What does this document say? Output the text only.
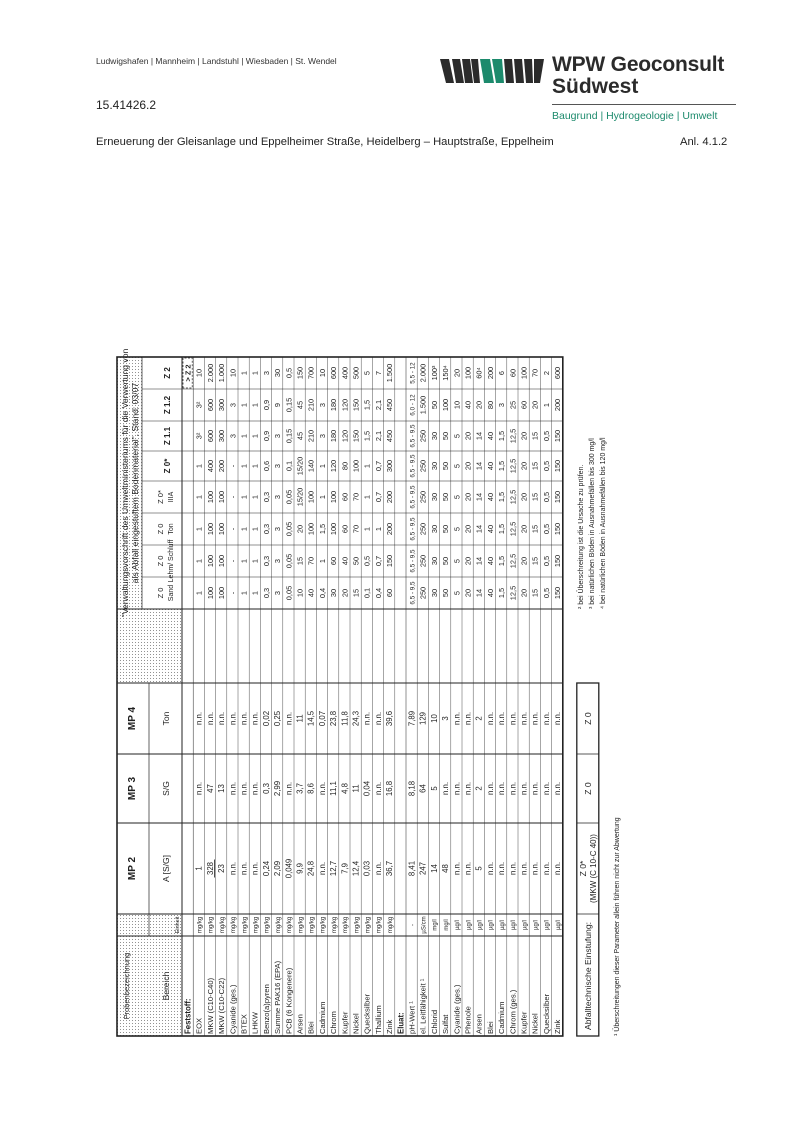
Ludwigshafen | Mannheim | Landstuhl | Wiesbaden | St. Wendel
15.41426.2
WPW Geoconsult
Südwest
Baugrund | Hydrogeologie | Umwelt
Erneuerung der Gleisanlage und Eppelheimer Straße, Heidelberg – Hauptstraße, Eppelheim	Anl. 4.1.2
Probenbezeichnung	Bereich
Einheit
MP 2
MP 3
MP 4
A [S/G]
S/G
Ton
"Verwaltungsvorschrift des Umweltministeriums für die Verwertung von als Abfall eingestuftem Bodenmaterial", Stand: 03/07
Z 0 Sand
Z 0 Lehm/ Schluff
Z 0 Ton
Z 0* IIIA
Z 0*
Z 1.1
Z 1.2
Z 2
Feststoff: EOX
mg/kg
1
n.n.
n.n.
1
1
1
1
1
3²
3²
10
MKW (C10-C40)
mg/kg
328
47
n.n.
100
100
100
100
400
600
600
2.000
MKW (C10-C22)
mg/kg
23
13
n.n.
100
100
100
100
200
300
300
1.000
Cyanide (ges.)
mg/kg
n.n.
n.n.
n.n.
-
-
-
-
-
3
3
10
BTEX
mg/kg
n.n.
n.n.
n.n.
1
1
1
1
1
1
1
1
LHKW
mg/kg
n.n.
n.n.
n.n.
1
1
1
1
1
1
1
1
Benzo(a)pyren
mg/kg
0,24
0,3
0,02
0,3
0,3
0,3
0,3
0,6
0,9
0,9
3
Summe PAK16 (EPA)
mg/kg
2,09
2,99
0,25
3
3
3
3
3
3
9
30
PCB (6 Kongenere)
mg/kg
0,049
n.n.
n.n.
0,05
0,05
0,05
0,05
0,1
0,15
0,15
0,5
Arsen
mg/kg
9,9
3,7
11
10
15
20
15/20
15/20
45
45
150
Blei
mg/kg
24,8
8,6
14,5
40
70
100
100
140
210
210
700
Cadmium
mg/kg
n.n.
n.n.
0,07
0,4
1
1,5
1
1
3
3
10
Chrom
mg/kg
12,7
11,1
23,8
30
60
100
100
120
180
180
600
Kupfer
mg/kg
7,9
4,8
11,8
20
40
60
60
80
120
120
400
Nickel
mg/kg
12,4
11
24,3
15
50
70
70
100
150
150
500
Quecksilber
mg/kg
0,03
0,04
n.n.
0,1
0,5
1
1
1
1,5
1,5
5
Thallium
mg/kg
n.n.
n.n.
n.n.
0,4
0,7
1
0,7
0,7
2,1
2,1
7
Zink
mg/kg
36,7
16,8
39,6
60
150
200
200
300
450
450
1.500
Eluat: pH-Wert ¹
-
8,41
8,18
7,89
6,5 - 9,5
6,5 - 9,5
6,5 - 9,5
6,5 - 9,5
6,5 - 9,5
6,5 - 9,5
6,0 - 12
5,5 - 12
el. Leitfähigkeit ¹
µS/cm
247
64
129
250
250
250
250
250
250
1.500
2.000
Chlorid
mg/l
14
5
10
30
30
30
30
30
30
50
100³
Sulfat
mg/l
48
n.n.
3
50
50
50
50
50
50
100
150⁴
Cyanide (ges.)
µg/l
n.n.
n.n.
n.n.
5
5
5
5
5
5
10
20
Phenole
µg/l
n.n.
n.n.
n.n.
20
20
20
20
20
20
40
100
Arsen
µg/l
5
2
2
14
14
14
14
14
14
20
60⁴
Blei
µg/l
n.n.
n.n.
n.n.
40
40
40
40
40
40
80
200
Cadmium
µg/l
n.n.
n.n.
n.n.
1,5
1,5
1,5
1,5
1,5
1,5
3
6
Chrom (ges.)
µg/l
n.n.
n.n.
n.n.
12,5
12,5
12,5
12,5
12,5
12,5
25
60
Kupfer
µg/l
n.n.
n.n.
n.n.
20
20
20
20
20
20
60
100
Nickel
µg/l
n.n.
n.n.
n.n.
15
15
15
15
15
15
20
70
Quecksilber
µg/l
n.n.
n.n.
n.n.
0,5
0,5
0,5
0,5
0,5
0,5
1
2
Zink
µg/l
n.n.
n.n.
n.n.
150
150
150
150
150
150
200
600
> Z 2
Abfalltechnische Einstufung:
Z 0* (MKW (C 10-C 40))
Z 0
Z 0
¹ Überschreitungen dieser Parameter allein führen nicht zur Abwertung
² bei Überschreitung ist die Ursache zu prüfen. ³ bei natürlichen Böden in Ausnahmefällen bis 300 mg/l ⁴ bei natürlichen Böden in Ausnahmefällen bis 120 mg/l
